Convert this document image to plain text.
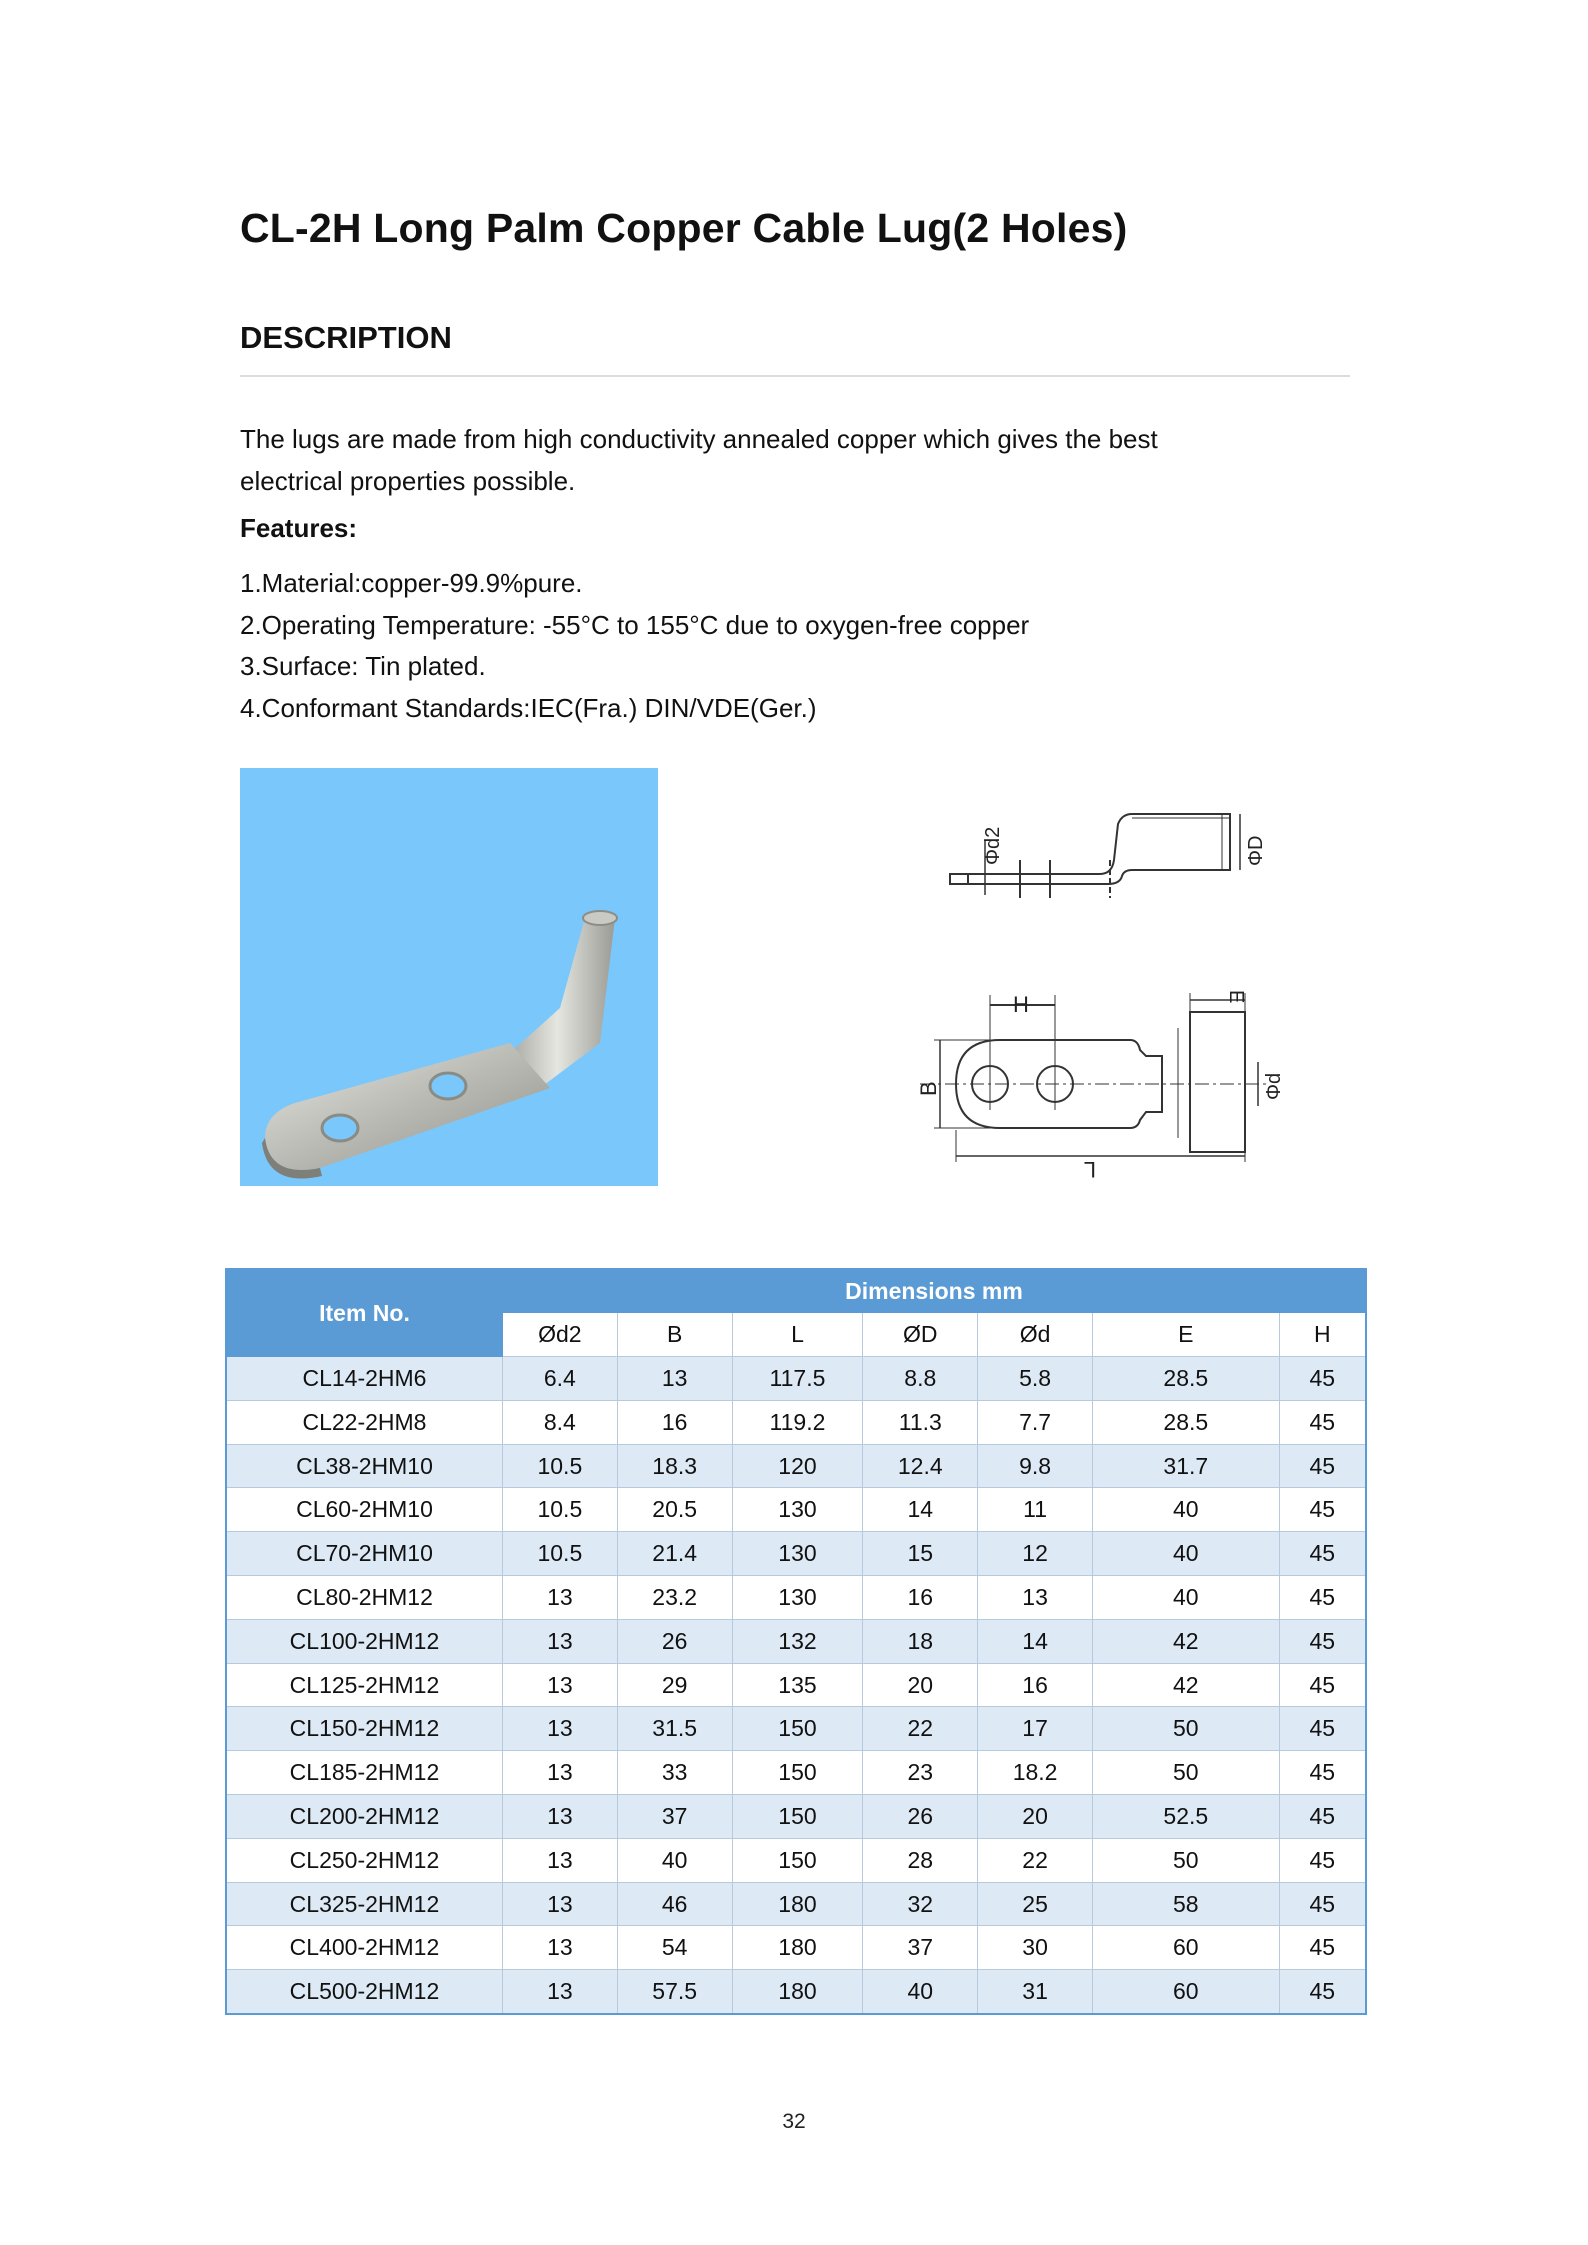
CL-2H Long Palm Copper Cable Lug(2 Holes)
DESCRIPTION
The lugs are made from high conductivity annealed copper which gives the best
electrical properties possible.
Features:
1.Material:copper-99.9%pure.
2.Operating Temperature: -55°C to 155°C due to oxygen-free copper
3.Surface: Tin plated.
4.Conformant Standards:IEC(Fra.) DIN/VDE(Ger.)
Φd2	ΦD
H	E
B	Φd
L
Item No.	Dimensions mm						
	Ød2	B	L	ØD	Ød	E	H
CL14-2HM6	6.4	13	117.5	8.8	5.8	28.5	45
CL22-2HM8	8.4	16	119.2	11.3	7.7	28.5	45
CL38-2HM10	10.5	18.3	120	12.4	9.8	31.7	45
CL60-2HM10	10.5	20.5	130	14	11	40	45
CL70-2HM10	10.5	21.4	130	15	12	40	45
CL80-2HM12	13	23.2	130	16	13	40	45
CL100-2HM12	13	26	132	18	14	42	45
CL125-2HM12	13	29	135	20	16	42	45
CL150-2HM12	13	31.5	150	22	17	50	45
CL185-2HM12	13	33	150	23	18.2	50	45
CL200-2HM12	13	37	150	26	20	52.5	45
CL250-2HM12	13	40	150	28	22	50	45
CL325-2HM12	13	46	180	32	25	58	45
CL400-2HM12	13	54	180	37	30	60	45
CL500-2HM12	13	57.5	180	40	31	60	45
32
